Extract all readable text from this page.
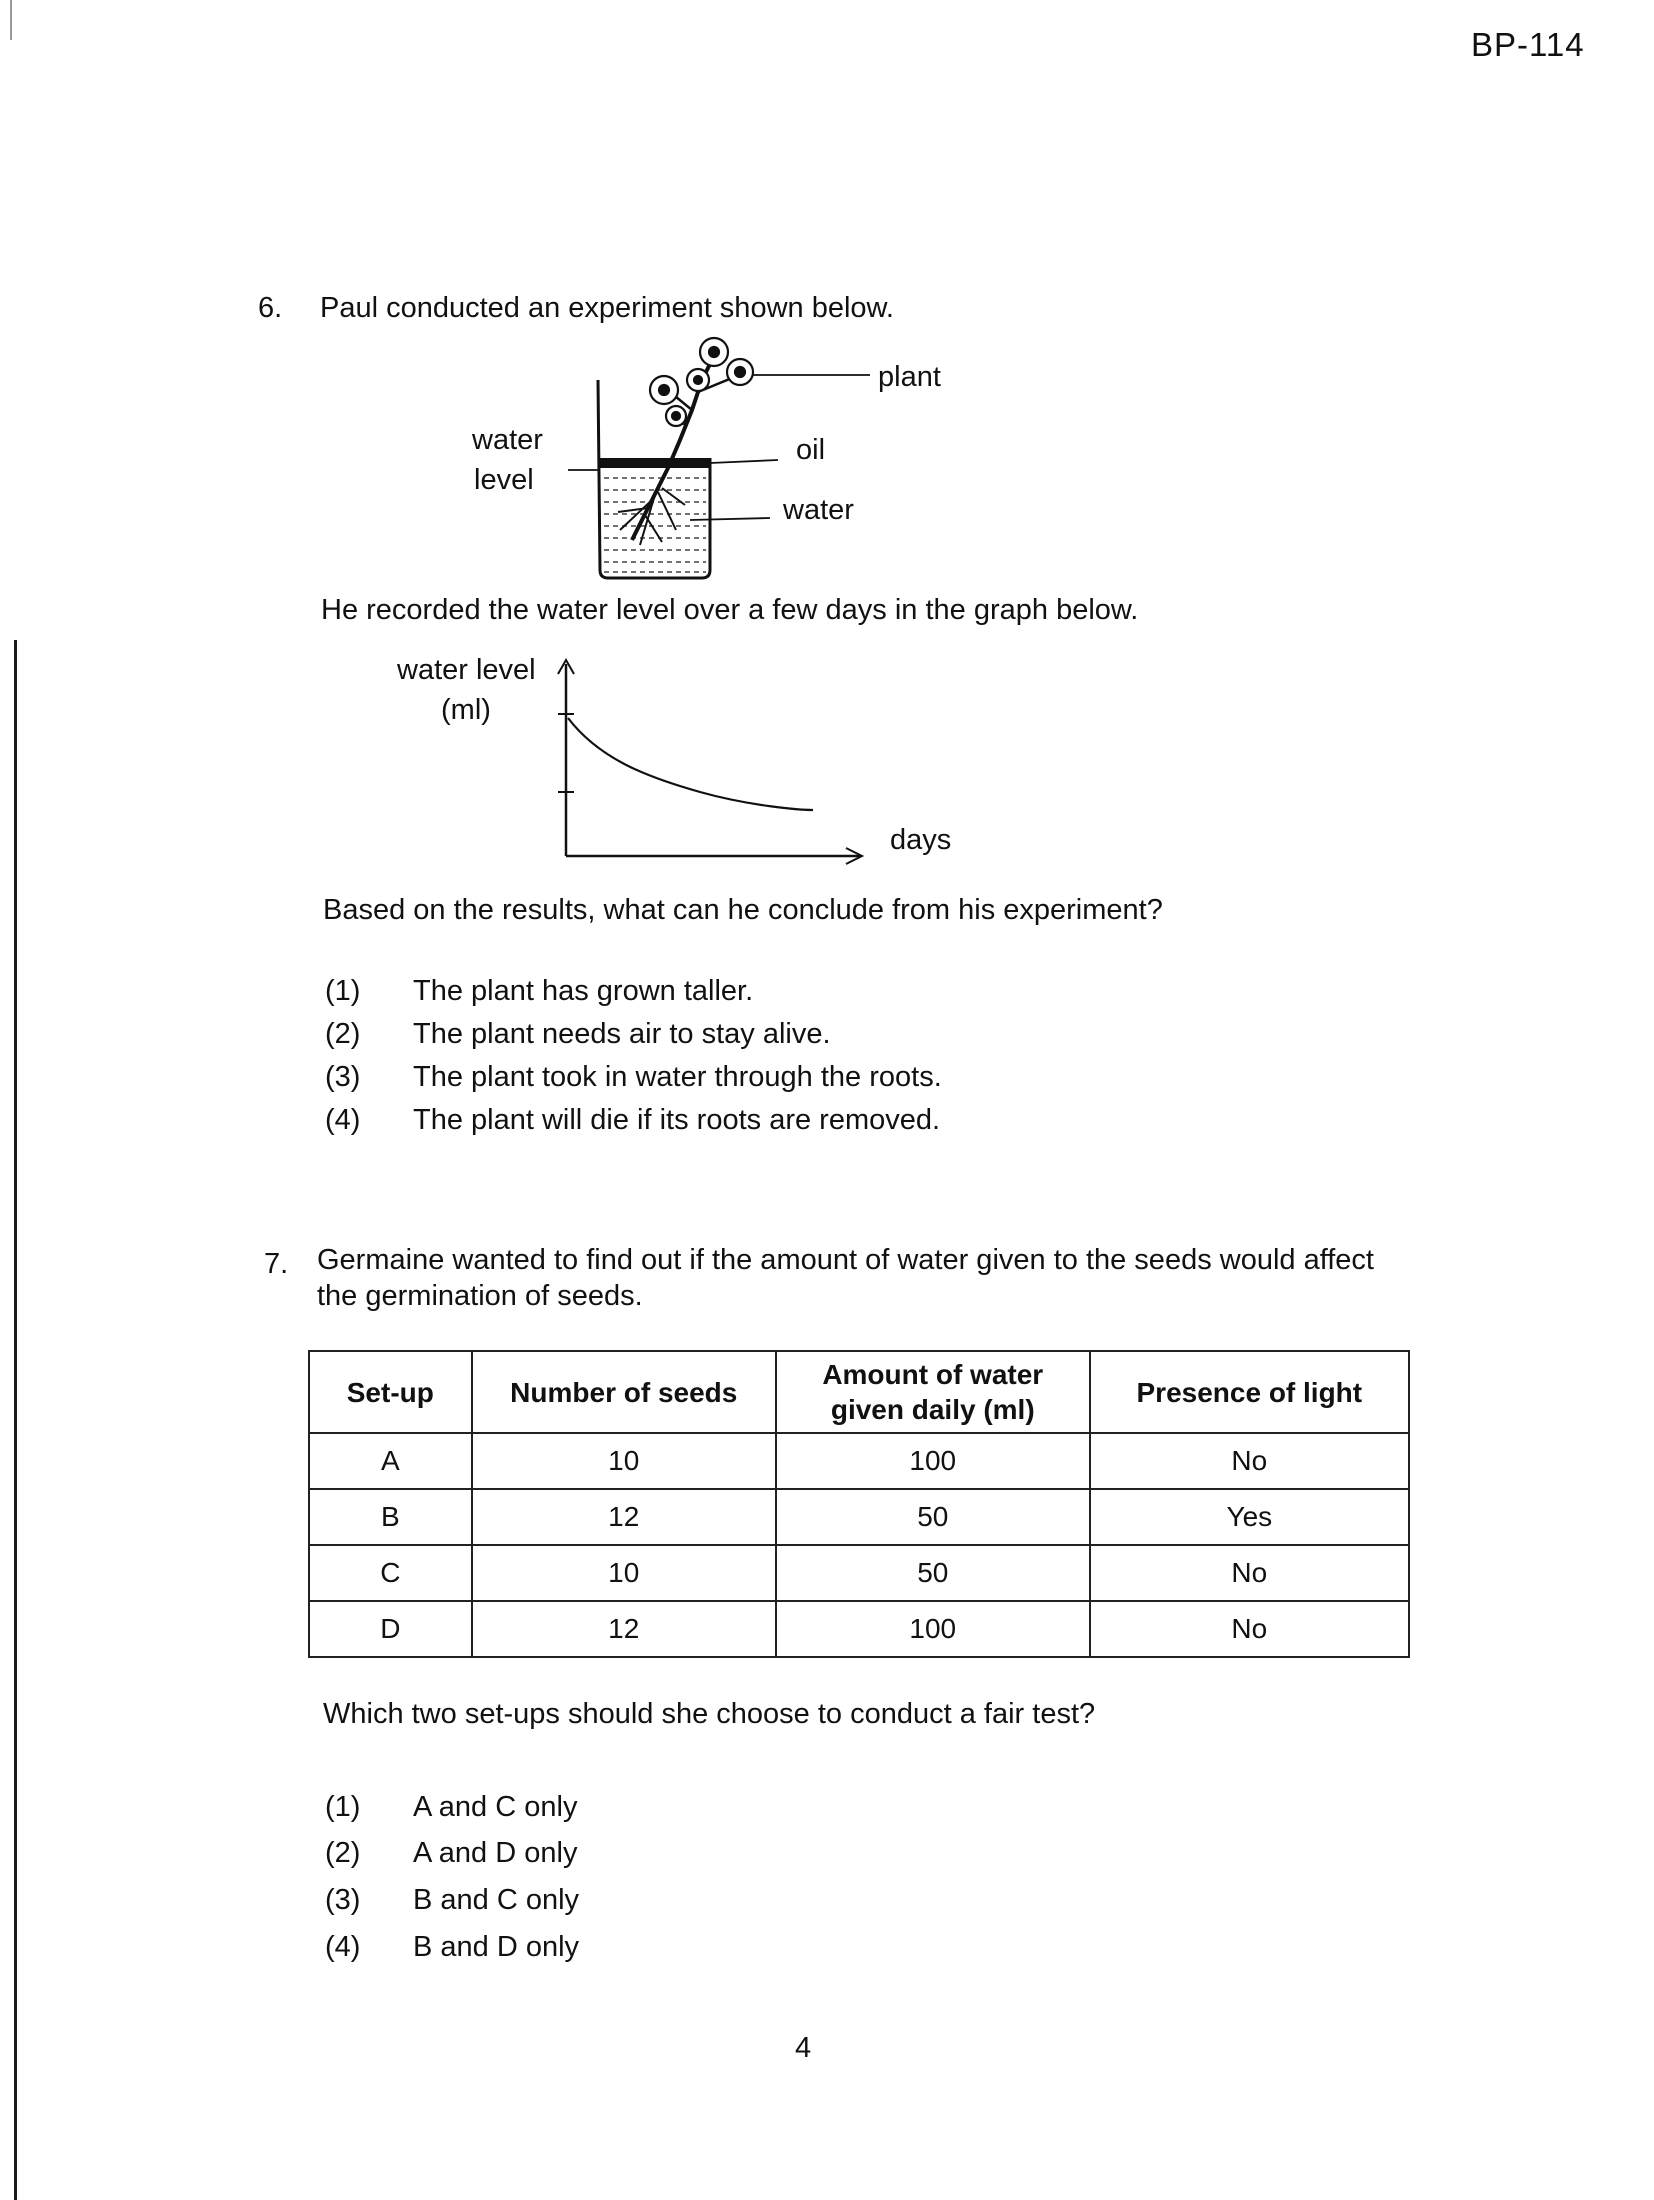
BP-114
6. Paul conducted an experiment shown below.
plant
oil
water
water
level
He recorded the water level over a few days in the graph below.
water level
(ml)
days
Based on the results, what can he conclude from his experiment?
(1) The plant has grown taller.
(2) The plant needs air to stay alive.
(3) The plant took in water through the roots.
(4) The plant will die if its roots are removed.
7. Germaine wanted to find out if the amount of water given to the seeds would affect
the germination of seeds.
Set-up	Number of seeds	Amount of water given daily (ml)	Presence of light
A	10	100	No
B	12	50	Yes
C	10	50	No
D	12	100	No
Which two set-ups should she choose to conduct a fair test?
(1) A and C only
(2) A and D only
(3) B and C only
(4) B and D only
4
